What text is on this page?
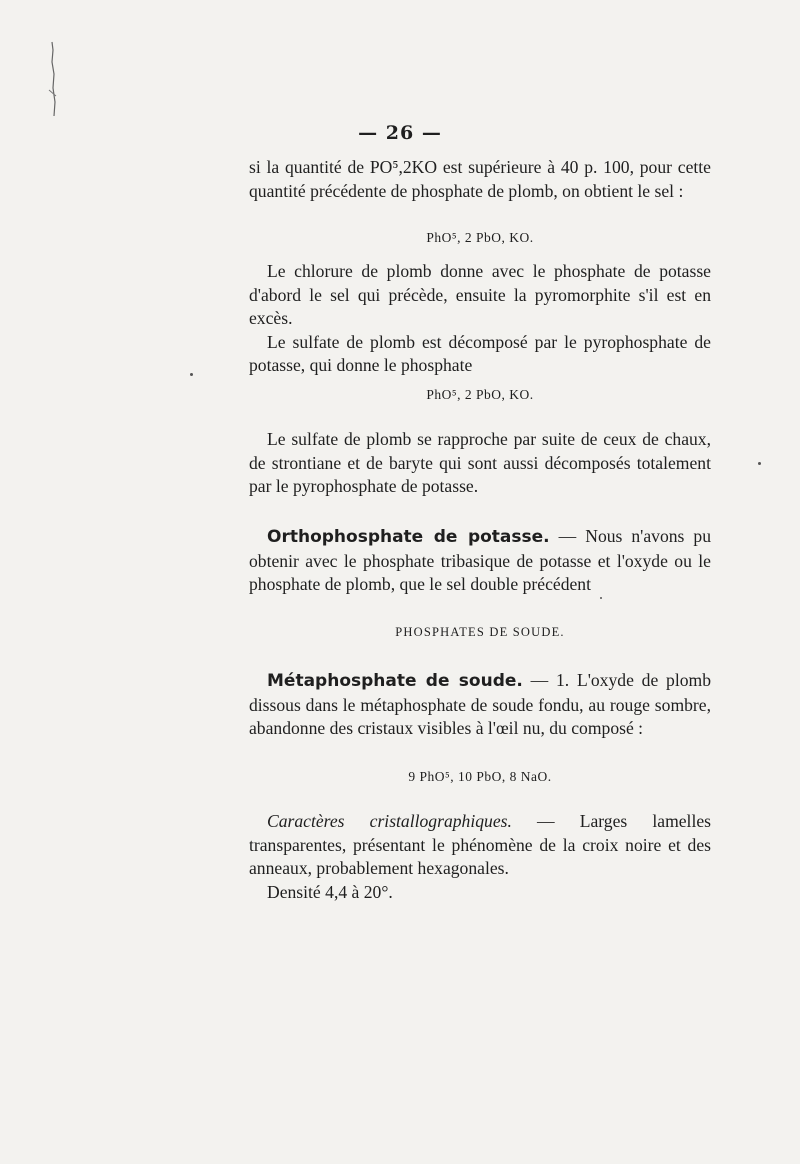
— 26 —

si la quantité de PO⁵,2KO est supérieure à 40 p. 100, pour cette quantité précédente de phosphate de plomb, on obtient le sel :

PhO⁵, 2 PbO, KO.

Le chlorure de plomb donne avec le phosphate de potasse d'abord le sel qui précède, ensuite la pyromorphite s'il est en excès.

Le sulfate de plomb est décomposé par le pyrophosphate de potasse, qui donne le phosphate

PhO⁵, 2 PbO, KO.

Le sulfate de plomb se rapproche par suite de ceux de chaux, de strontiane et de baryte qui sont aussi décomposés totalement par le pyrophosphate de potasse.

Orthophosphate de potasse. — Nous n'avons pu obtenir avec le phosphate tribasique de potasse et l'oxyde ou le phosphate de plomb, que le sel double précédent

PHOSPHATES DE SOUDE.

Métaphosphate de soude. — 1. L'oxyde de plomb dissous dans le métaphosphate de soude fondu, au rouge sombre, abandonne des cristaux visibles à l'œil nu, du composé :

9 PhO⁵, 10 PbO, 8 NaO.

Caractères cristallographiques. — Larges lamelles transparentes, présentant le phénomène de la croix noire et des anneaux, probablement hexagonales.

Densité 4,4 à 20°.
